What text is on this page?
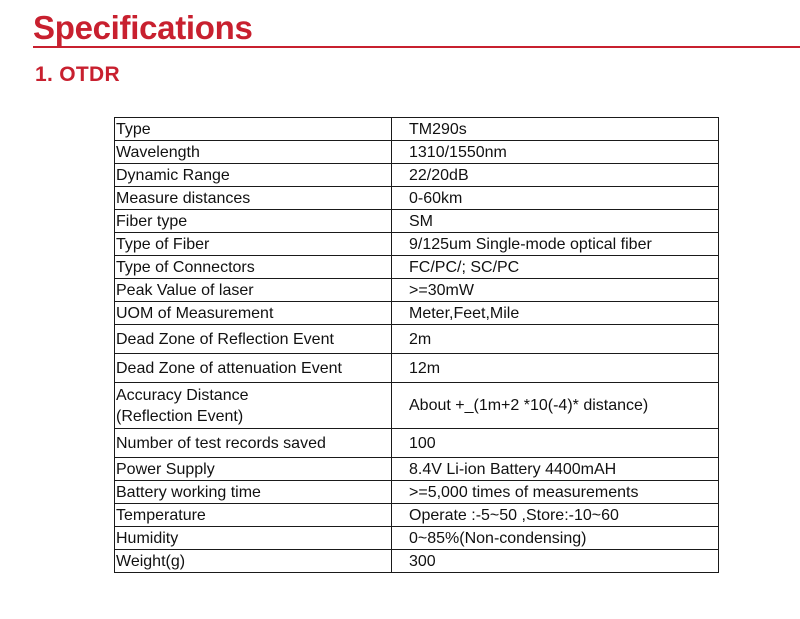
Specifications
1. OTDR
Type	TM290s
Wavelength	1310/1550nm
Dynamic Range	22/20dB
Measure distances	0-60km
Fiber type	SM
Type of Fiber	9/125um Single-mode optical fiber
Type of Connectors	FC/PC/; SC/PC
Peak Value of laser	>=30mW
UOM of Measurement	Meter,Feet,Mile
Dead Zone of Reflection Event	2m
Dead Zone of attenuation Event	12m

Accuracy Distance
(Reflection Event)	About +_(1m+2 *10(-4)* distance)
Number of test records saved	100
Power Supply	8.4V Li-ion Battery 4400mAH
Battery working time	>=5,000 times of measurements
Temperature	Operate :-5~50 ,Store:-10~60
Humidity	0~85%(Non-condensing)
Weight(g)	300
